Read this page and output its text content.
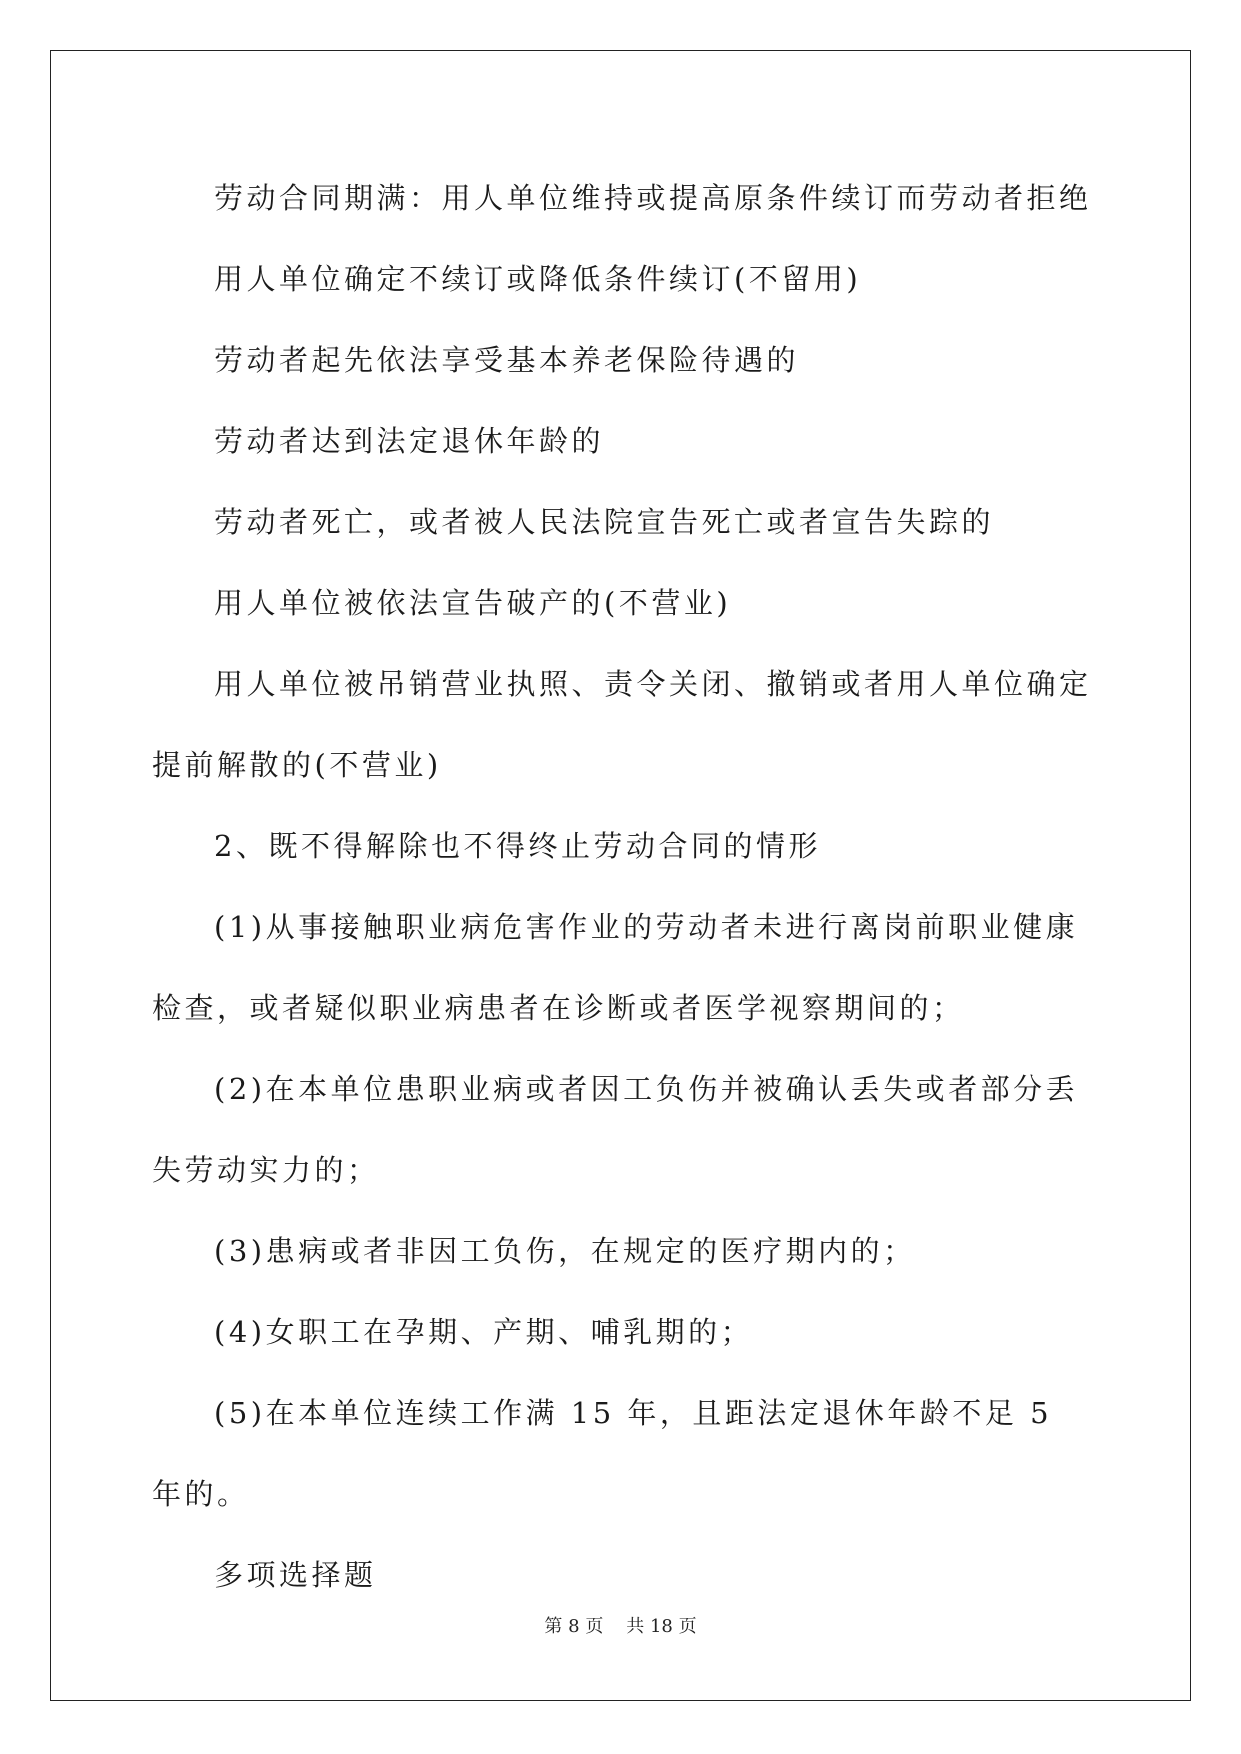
劳动合同期满：用人单位维持或提高原条件续订而劳动者拒绝

用人单位确定不续订或降低条件续订(不留用)

劳动者起先依法享受基本养老保险待遇的

劳动者达到法定退休年龄的

劳动者死亡，或者被人民法院宣告死亡或者宣告失踪的

用人单位被依法宣告破产的(不营业)

用人单位被吊销营业执照、责令关闭、撤销或者用人单位确定提前解散的(不营业)

2、既不得解除也不得终止劳动合同的情形

(1)从事接触职业病危害作业的劳动者未进行离岗前职业健康检查，或者疑似职业病患者在诊断或者医学视察期间的；

(2)在本单位患职业病或者因工负伤并被确认丢失或者部分丢失劳动实力的；

(3)患病或者非因工负伤，在规定的医疗期内的；

(4)女职工在孕期、产期、哺乳期的；

(5)在本单位连续工作满 15 年，且距法定退休年龄不足 5 年的。

多项选择题

第 8 页 共 18 页
